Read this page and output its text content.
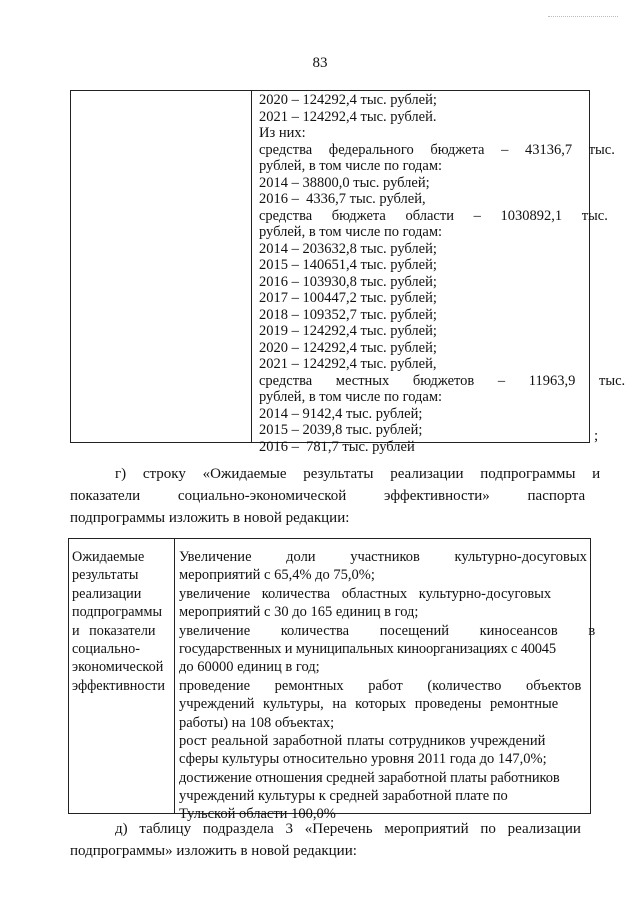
83
2020 – 124292,4 тыс. рублей;
2021 – 124292,4 тыс. рублей.
Из них:
средства федерального бюджета – 43136,7 тыс.
рублей, в том числе по годам:
2014 – 38800,0 тыс. рублей;
2016 –  4336,7 тыс. рублей,
средства бюджета области – 1030892,1 тыс.
рублей, в том числе по годам:
2014 – 203632,8 тыс. рублей;
2015 – 140651,4 тыс. рублей;
2016 – 103930,8 тыс. рублей;
2017 – 100447,2 тыс. рублей;
2018 – 109352,7 тыс. рублей;
2019 – 124292,4 тыс. рублей;
2020 – 124292,4 тыс. рублей;
2021 – 124292,4 тыс. рублей,
средства местных бюджетов – 11963,9 тыс.
рублей, в том числе по годам:
2014 – 9142,4 тыс. рублей;
2015 – 2039,8 тыс. рублей;
2016 –  781,7 тыс. рублей
;
г) строку «Ожидаемые результаты реализации подпрограммы и
показатели социально-экономической эффективности» паспорта
подпрограммы изложить в новой редакции:
Ожидаемые
результаты
реализации
подпрограммы
и показатели
социально-
экономической
эффективности
Увеличение доли участников культурно-досуговых
мероприятий с 65,4% до 75,0%;
увеличение количества областных культурно-досуговых
мероприятий с 30 до 165 единиц в год;
увеличение количества посещений киносеансов в
государственных и муниципальных киноорганизациях с 40045
до 60000 единиц в год;
проведение ремонтных работ (количество объектов
учреждений культуры, на которых проведены ремонтные
работы) на 108 объектах;
рост реальной заработной платы сотрудников учреждений
сферы культуры относительно уровня 2011 года до 147,0%;
достижение отношения средней заработной платы работников
учреждений культуры к средней заработной плате по
Тульской области 100,0%
д) таблицу подраздела 3 «Перечень мероприятий по реализации
подпрограммы» изложить в новой редакции:
